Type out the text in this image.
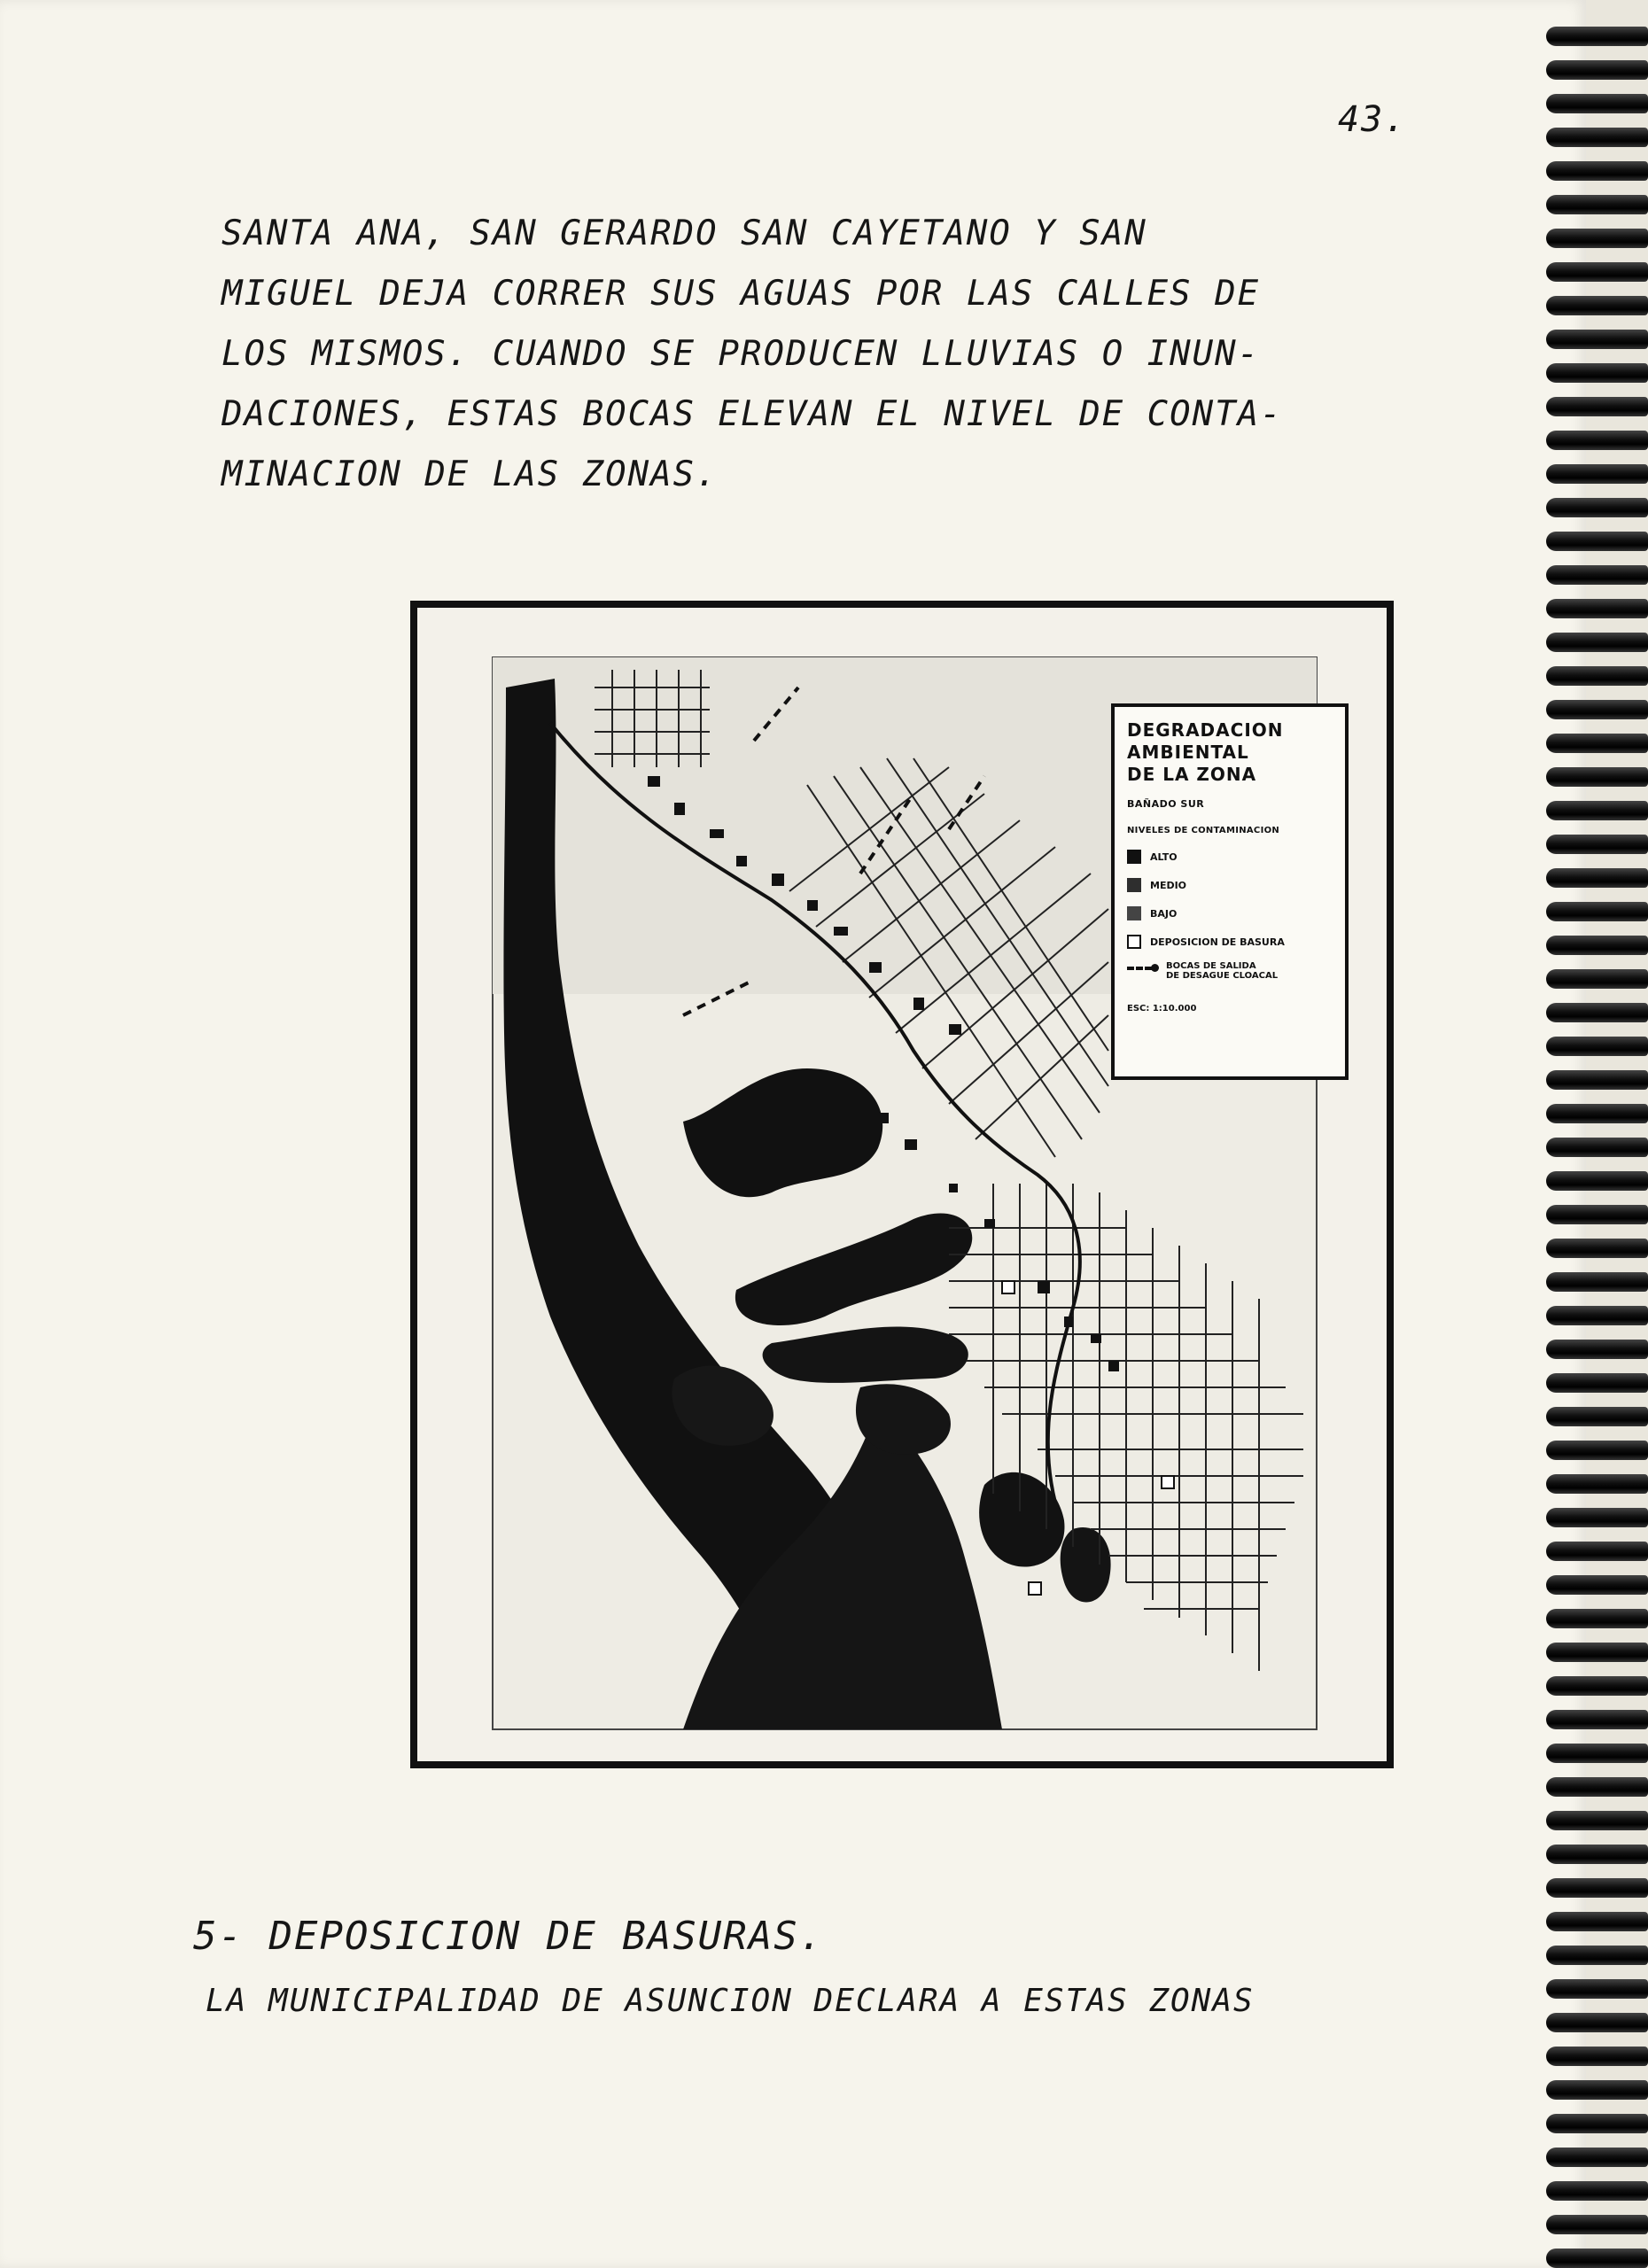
43.
SANTA ANA, SAN GERARDO SAN CAYETANO Y SAN
MIGUEL DEJA CORRER SUS AGUAS POR LAS CALLES DE
LOS MISMOS. CUANDO SE PRODUCEN LLUVIAS O INUN-
DACIONES, ESTAS BOCAS ELEVAN EL NIVEL DE CONTA-
MINACION DE LAS ZONAS.
DEGRADACION
AMBIENTAL
DE LA ZONA
BAÑADO SUR
NIVELES DE CONTAMINACION
ALTO
MEDIO
BAJO
DEPOSICION DE BASURA
BOCAS DE SALIDA
DE DESAGUE CLOACAL
ESC: 1:10.000
5- DEPOSICION DE BASURAS.
LA MUNICIPALIDAD DE ASUNCION DECLARA A ESTAS ZONAS
